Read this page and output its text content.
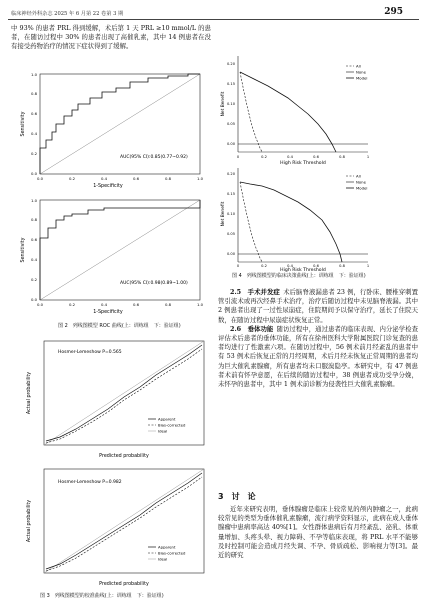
临床神经外科杂志 2025 年 6 月第 22 卷第 3 期	295

中 93% 的患者 PRL 得到缓解，术后第 1 天 PRL ≥10 mmol/L 的患者，在随访过程中 30% 的患者出现了高催乳素，其中 14 例患者在没有接受药物治疗的情况下症状得到了缓解。

AUC(95% CI):0.85(0.77~0.92)
1-Specificity
Sensitivity
0.0	0.2	0.4	0.6	0.8	1.0
0.0
0.2
0.4
0.6
0.8
1.0
AUC(95% CI):0.98(0.89~1.00)
1-Specificity
Sensitivity
0.0	0.2	0.4	0.6	0.8	1.0
0.0
0.2
0.4
0.6
0.8
1.0
图 2　列线图模型 ROC 曲线(上：训练组　下：验证组)
Hosmer-Lemeshow P=0.565
Apparent
Bias-corrected
Ideal
Predicted probability
Actual probability
Hosmer-Lemeshow P=0.982
Apparent
Bias-corrected
Ideal
Predicted probability
Actual probability
图 3　列线图模型的校准曲线(上：训练组　下：验证组)
All
None
Model
0.00
0.05
0.10
0.15
0.20
0	0.2	0.4	0.6	0.8	1
High Risk Threshold
Net Benefit
All
None
Model
0.00
0.05
0.10
0.15
0.20
0	0.2	0.4	0.6	0.8	1
High Risk Threshold
Net Benefit
图 4　列线图模型的临床决策曲线(上：训练组　下：验证组)

2.5　手术并发症  术后脑脊液漏患者 23 例，行卧床、腰椎穿刺置管引流术或再次经鼻手术治疗，治疗后随访过程中未见脑脊液漏。其中 2 例患者出现了一过性尿崩症，住院期间予以保守治疗，延长了住院天数，在随访过程中尿崩症状恢复正常。

2.6　垂体功能  随访过程中，通过患者的临床表现、内分泌学检查评估术后患者的垂体功能，所有在徐州医科大学附属医院门诊复查的患者均进行了性激素六项。在随访过程中，56 例术前月经紊乱的患者中有 53 例术后恢复正常的月经周期，术后月经未恢复正常周期的患者均为巨大催乳素腺瘤，所有患者均未口服溴隐亭。本研究中，有 47 例患者术前有怀孕意愿，在后续的随访过程中，38 例患者成功受孕分娩，未怀孕的患者中，其中 1 例术前诊断为侵袭性巨大催乳素腺瘤。

3　讨　论

近年来研究表明，垂体腺瘤是临床上较常见的颅内肿瘤之一，此病较常见的类型为垂体催乳素腺瘤，流行病学资料显示，此病在成人垂体腺瘤中患病率高达 40%[1]。女性群体患病后有月经紊乱、泌乳、体重量增加、头疼头晕、视力障碍、不孕等临床表现，将 PRL 水平不能够及时控制可能会造成月经失调、不孕、骨质疏松、影响视力等[3]。最近的研究
